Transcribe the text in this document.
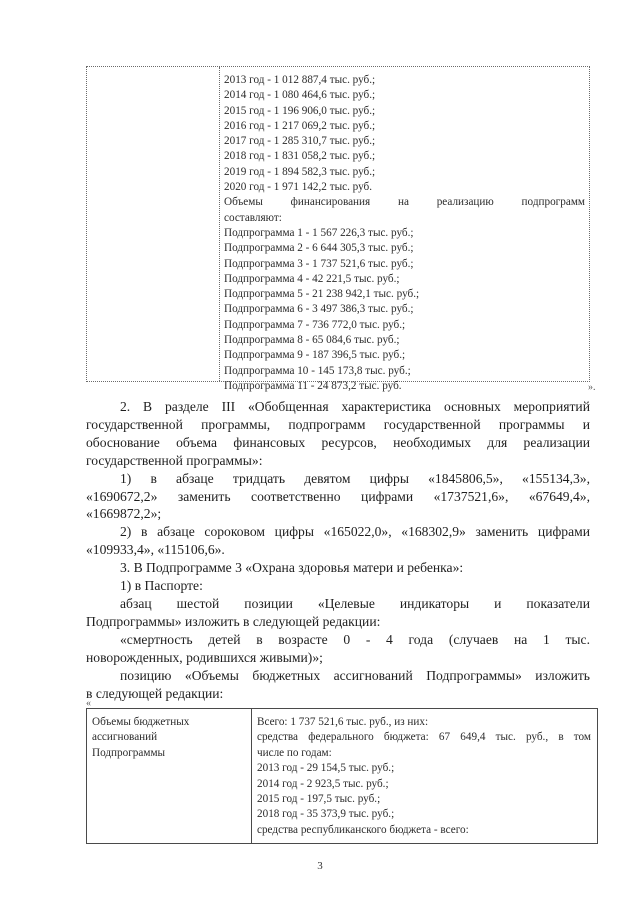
2013 год - 1 012 887,4 тыс. руб.;
2014 год - 1 080 464,6 тыс. руб.;
2015 год - 1 196 906,0 тыс. руб.;
2016 год - 1 217 069,2 тыс. руб.;
2017 год - 1 285 310,7 тыс. руб.;
2018 год - 1 831 058,2 тыс. руб.;
2019 год - 1 894 582,3 тыс. руб.;
2020 год - 1 971 142,2 тыс. руб.
Объемы финансирования на реализацию подпрограмм
составляют:
Подпрограмма 1 - 1 567 226,3 тыс. руб.;
Подпрограмма 2 - 6 644 305,3 тыс. руб.;
Подпрограмма 3 - 1 737 521,6 тыс. руб.;
Подпрограмма 4 - 42 221,5 тыс. руб.;
Подпрограмма 5 - 21 238 942,1 тыс. руб.;
Подпрограмма 6 - 3 497 386,3 тыс. руб.;
Подпрограмма 7 - 736 772,0 тыс. руб.;
Подпрограмма 8 - 65 084,6 тыс. руб.;
Подпрограмма 9 - 187 396,5 тыс. руб.;
Подпрограмма 10 - 145 173,8 тыс. руб.;
Подпрограмма 11 - 24 873,2 тыс. руб.	».

2. В разделе III «Обобщенная характеристика основных мероприятий

государственной программы, подпрограмм государственной программы и

обоснование объема финансовых ресурсов, необходимых для реализации

государственной программы»:

1) в абзаце тридцать девятом цифры «1845806,5», «155134,3»,

«1690672,2» заменить соответственно цифрами «1737521,6», «67649,4»,

«1669872,2»;

2) в абзаце сороковом цифры «165022,0», «168302,9» заменить цифрами

«109933,4», «115106,6».

3. В Подпрограмме 3 «Охрана здоровья матери и ребенка»:

1) в Паспорте:

абзац шестой позиции «Целевые индикаторы и показатели

Подпрограммы» изложить в следующей редакции:

«смертность детей в возрасте 0 - 4 года (случаев на 1 тыс.

новорожденных, родившихся живыми)»;

позицию «Объемы бюджетных ассигнований Подпрограммы» изложить

в следующей редакции:

«
Объемы бюджетных
ассигнований
Подпрограммы
Всего: 1 737 521,6 тыс. руб., из них:
средства федерального бюджета: 67 649,4 тыс. руб., в том
числе по годам:
2013 год - 29 154,5 тыс. руб.;
2014 год - 2 923,5 тыс. руб.;
2015 год - 197,5 тыс. руб.;
2018 год - 35 373,9 тыс. руб.;
средства республиканского бюджета - всего:
3
